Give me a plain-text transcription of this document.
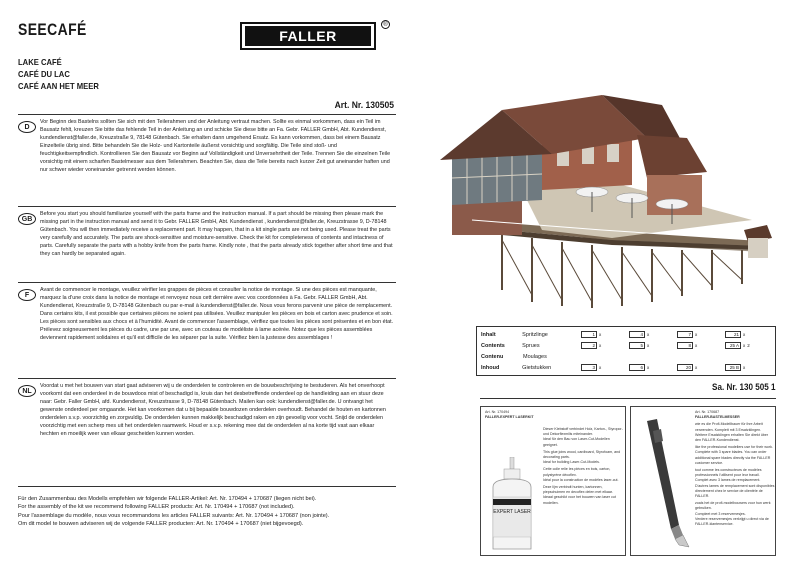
SEECAFÉ
LAKE CAFÉ
CAFÉ DU LAC
CAFÉ AAN HET MEER
FALLER
®
Art. Nr. 130505
D
Vor Beginn des Bastelns sollten Sie sich mit den Teilerahmen und der Anleitung vertraut machen. Sollte es einmal vorkommen, dass ein Teil im Bausatz fehlt, kreuzen Sie bitte das fehlende Teil in der Anleitung an und schicke Sie diese bitte an Fa. Gebr. FALLER GmbH, Abt. Kundendienst, kundendienst@faller.de, Kreuzstraße 9, 78148 Gütenbach. Sie erhalten dann umgehend Ersatz. Es kann vorkommen, dass bei einem Bausatz Einzelteile übrig sind. Bitte behandeln Sie die Holz- und Kartonteile äußerst vorsichtig und sorgfältig. Die Teile sind stoß- und feuchtigkeitsempfindlich. Kontrollieren Sie den Bausatz vor Beginn auf Vollständigkeit und Unversehrtheit der Teile. Trennen Sie die einzelnen Teile vorsichtig mit einem scharfen Bastelmesser aus dem Teilerahmen. Beachten Sie, dass die Teile bereits nach kurzer Zeit gut aneinander haften und nur schwer wieder voneinander getrennt werden können.
GB
Before you start you should familiarize yourself with the parts frame and the instruction manual. If a part should be missing then please mark the missing part in the instruction manual and send it to Gebr. FALLER GmbH, Abt. Kundendienst , kundendienst@faller.de, Kreuzstrasse 9, D-78148 Gütenbach. You will then immediately receive a replacement part. It may happen, that in a kit single parts are not being used. Please treat the parts very carefully and accurately. The parts are shock-sensitive and moisture-sensitive. Check the kit for completeness of contents and intactness of parts. Carefully separate the parts with a hobby knife from the parts frame. Kindly note , that the parts already stick together after short time and that they can hardly be separated again.
F
Avant de commencer le montage, veuillez vérifier les grappes de pièces et consulter la notice de montage. Si une des pièces est manquante, marquez la d'une croix dans la notice de montage et renvoyez nous cett dernière avec vos coordonnées à Fa. Gebr. FALLER GmbH, Abt. Kundendienst, Kreuzstraße 9, D-78148 Gütenbach ou par e-mail à kundendienst@faller.de. Nous vous ferons parvenir une pièce de remplacement. Dans certains kits, il est possible que certaines pièces ne soient pas utilisées. Veuillez manipuler les pièces en bois et carton avec prudence et soin. Les pièces sont sensibles aux chocs et à l'humidité. Avant de commencer l'assemblage, vérifiez que toutes les pièces sont présentes et en bon état. Prélevez soigneusement les pièces du cadre, une par une, avec un couteau de modéliste à lame acérée. Notez que les pièces assemblées deviennent rapidement solidaires et qu'il est difficile de les séparer par la suite. Vérifiez bien la justesse des assemblages !
NL
Voordat u met het bouwen van start gaat adviseren wij u de onderdelen te controleren en de bouwbeschrijving te bestuderen. Als het onverhoopt voorkomt dat een onderdeel in de bouwdoos mist of beschadigd is, kruis dan het desbetreffende onderdeel op de handleiding aan en stuur deze naar: Gebr. Faller GmbH, afd. Kundendienst, Kreuzstrasse 9, D-78148 Gütenbach. Mailen kan ook: kundendienst@faller.de. U ontvangt het gewenste onderdeel per omgaande. Het kan voorkomen dat u bij bepaalde bouwdozen onderdelen overhoudt. Behandel de houten en kartonnen onderdelen s.v.p. voorzichtig en zorgvuldig. De onderdelen kunnen makkelijk beschadigd raken en zijn gevoelig voor vocht. Snijd de onderdelen voorzichtig met een scherp mes uit het onderdelen raamwerk. Houd er s.v.p. rekening mee dat de onderdelen al na korte tijd vast aan elkaar hechten en moeilijk weer van elkaar gescheiden kunnen worden.
Für den Zusammenbau des Modells empfehlen wir folgende FALLER-Artikel: Art. Nr. 170494 + 170687 (liegen nicht bei).
For the assembly of the kit we recommend following FALLER products: Art. Nr. 170494 + 170687 (not included).
Pour l'assemblage du modèle, nous vous recommandons les articles FALLER suivants: Art. Nr. 170494 + 170687 (non jointe).
Om dit model te bouwen adviseren wij de volgende FALLER producten: Art. Nr. 170494 + 170687 (niet bijgevoegd).
Inhalt	Spritzlinge	1 x	4 x	7 x	21 x
Contents	Sprues	2 x	5 x	8 x	25 A x 2
Contenu	Moulages
Inhoud	Gietstukken	3 x	6 x	20 x	25 B x
Sa. Nr. 130 505 1
Art. Nr. 170494
FALLER-EXPERT LASERKIT
Dieser Klebstoff verbindet Holz, Karton-, Styropor- und Dekorflexmilis miteinander.
Ideal für den Bau von Laser-Cut-Modellen geeignet.
This glue joins wood, cardboard, Styrofoam, and decorating parts.
Ideal for building Laser-Cut-Models.
Cette colle relie les pièces en bois, carton, polystyrène décoflex.
Idéal pour la construction de modèles laser-cut.
Deze lijm verbindt hunten, kartonnen, piepschuimen en decoflex delen met elkaar.
Ideaal geschikt voor het bouwen van laser cut modellen.
EXPERT LASER
Art. Nr. 170687
FALLER-BASTELMESSER
wie es die Profi-Modellbauer für ihre Arbeit verwenden. Komplett mit 3 Ersatzklingen.
Weitere Ersatzklingen erhalten Sie direkt über den FALLER-Kundendienst.
like the professional modellers use for their work. Complete with 3 spare blades. You can order additional spare blades directly via the FALLER customer service.
tout comme les constructeurs de modèles professionnels l'utilisent pour leur travail.
Complet avec 3 lames de remplacement.
D'autres lames de remplacement sont disponibles directement chez le service de clientèle de FALLER.
zoals het de profi-modelbouwers voor hun werk gebruiken.
Compleet met 3 reservemesjes.
Verdere reservemesjes verkrijgt u direct via de FALLER-klantenservice.
